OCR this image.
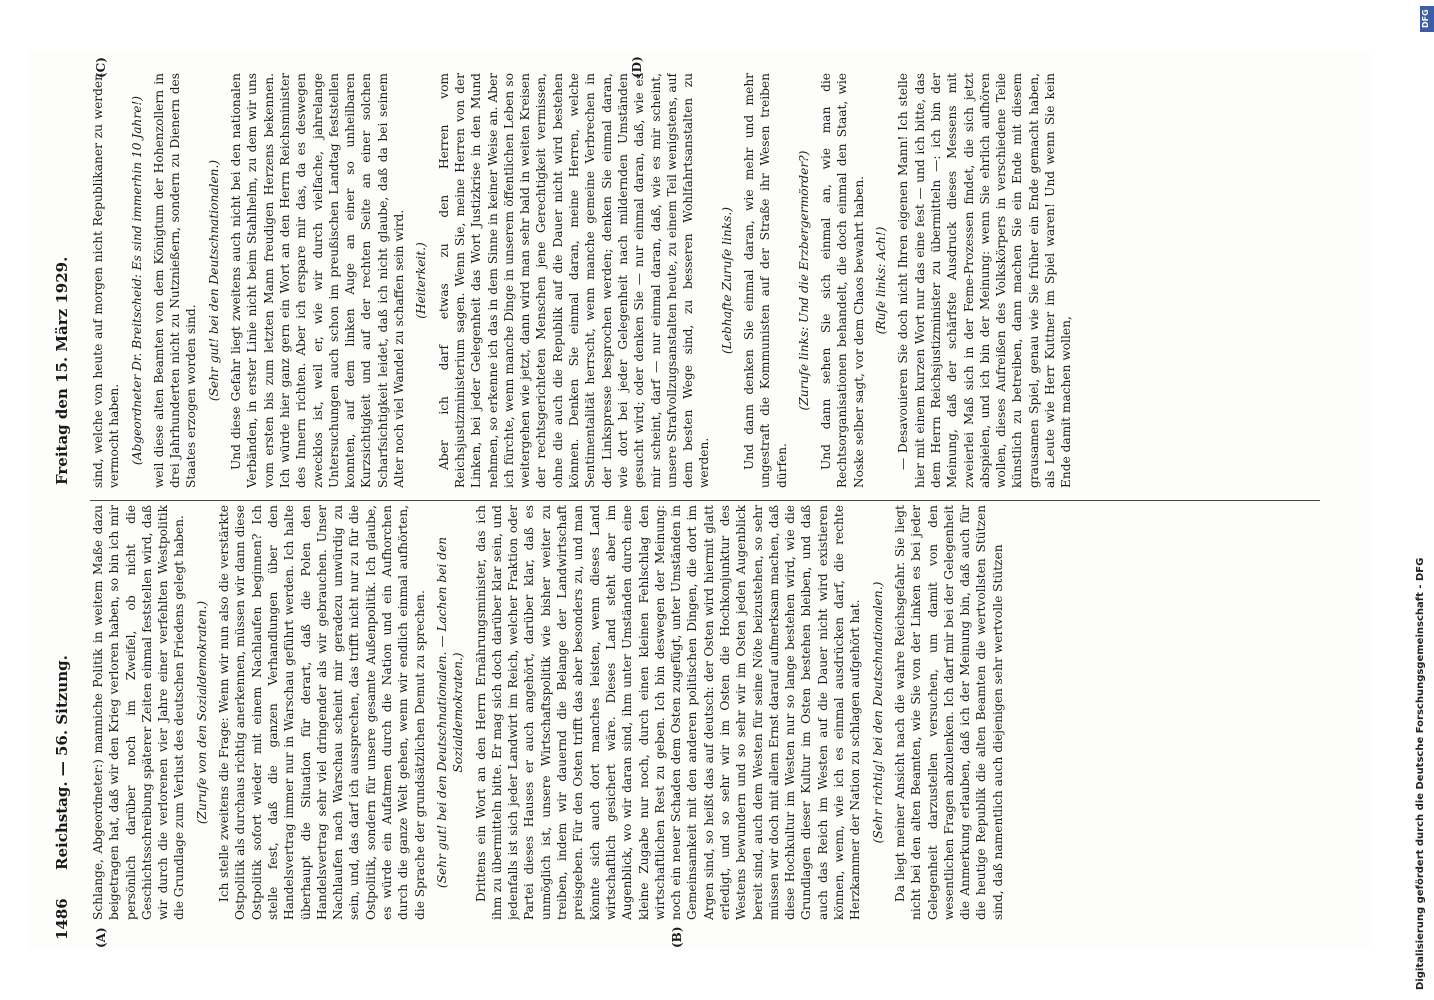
1486
Reichstag. — 56. Sitzung.
Freitag den 15. März 1929.
(A)	(B)
(C)	(D)

Schlange, Abgeordneter:) manniche Politik in weitem Maße dazu beigetragen hat, daß wir den Krieg verloren haben, so bin ich mir persönlich darüber noch im Zweifel, ob nicht die Geschichtsschreibung späterer Zeiten einmal feststellen wird, daß wir durch die verlorenen vier Jahre einer verfehlten Westpolitik die Grundlage zum Verlust des deutschen Friedens gelegt haben. (Zurufe von den Sozialdemokraten.) Ich stelle zweitens die Frage: Wenn wir nun also die verstärkte Ostpolitik als durchaus richtig anerkennen, müssen wir dann diese Ostpolitik sofort wieder mit einem Nachlaufen beginnen? Ich stelle fest, daß die ganzen Verhandlungen über den Handelsvertrag immer nur in Warschau geführt werden. Ich halte überhaupt die Situation für derart, daß die Polen den Handelsvertrag sehr viel dringender als wir gebrauchen. Unser Nachlaufen nach Warschau scheint mir geradezu unwürdig zu sein, und, das darf ich aussprechen, das trifft nicht nur zu für die Ostpolitik, sondern für unsere gesamte Außenpolitik. Ich glaube, es würde ein Aufatmen durch die Nation und ein Aufhorchen durch die ganze Welt gehen, wenn wir endlich einmal aufhörten, die Sprache der grundsätzlichen Demut zu sprechen. (Sehr gut! bei den Deutschnationalen. — Lachen bei den Sozialdemokraten.) Drittens ein Wort an den Herrn Ernährungsminister, das ich ihm zu übermitteln bitte. Er mag sich doch darüber klar sein, und jedenfalls ist sich jeder Landwirt im Reich, welcher Fraktion oder Partei dieses Hauses er auch angehört, darüber klar, daß es unmöglich ist, unsere Wirtschaftspolitik wie bisher weiter zu treiben, indem wir dauernd die Belange der Landwirtschaft preisgeben. Für den Osten trifft das aber besonders zu, und man könnte sich auch dort manches leisten, wenn dieses Land wirtschaftlich gesichert wäre. Dieses Land steht aber im Augenblick, wo wir daran sind, ihm unter Umständen durch eine kleine Zugabe nur noch, durch einen kleinen Fehlschlag den wirtschaftlichen Rest zu geben. Ich bin deswegen der Meinung: noch ein neuer Schaden dem Osten zugefügt, unter Umständen in Gemeinsamkeit mit den anderen politischen Dingen, die dort im Argen sind, so heißt das auf deutsch: der Osten wird hiermit glatt erledigt, und so sehr wir im Osten die Hochkonjunktur des Westens bewundern und so sehr wir im Osten jeden Augenblick bereit sind, auch dem Westen für seine Nöte beizustehen, so sehr müssen wir doch mit allem Ernst darauf aufmerksam machen, daß diese Hochkultur im Westen nur so lange bestehen wird, wie die Grundlagen dieser Kultur im Osten bestehen bleiben, und daß auch das Reich im Westen auf die Dauer nicht wird existieren können, wenn, wie ich es einmal ausdrücken darf, die rechte Herzkammer der Nation zu schlagen aufgehört hat. (Sehr richtig! bei den Deutschnationalen.) Da liegt meiner Ansicht nach die wahre Reichsgefahr. Sie liegt nicht bei den alten Beamten, wie Sie von der Linken es bei jeder Gelegenheit darzustellen versuchen, um damit von den wesentlichen Fragen abzulenken. Ich darf mir bei der Gelegenheit die Anmerkung erlauben, daß ich der Meinung bin, daß auch für die heutige Republik die alten Beamten die wertvollsten Stützen sind, daß namentlich auch diejenigen sehr wertvolle Stützen

sind, welche von heute auf morgen nicht Republikaner zu werden vermocht haben. (Abgeordneter Dr. Breitscheid: Es sind immerhin 10 Jahre!) weil diese alten Beamten von dem Königtum der Hohenzollern in drei Jahrhunderten nicht zu Nutznießern, sondern zu Dienern des Staates erzogen worden sind. (Sehr gut! bei den Deutschnationalen.) Und diese Gefahr liegt zweitens auch nicht bei den nationalen Verbänden, in erster Linie nicht beim Stahlhelm, zu dem wir uns vom ersten bis zum letzten Mann freudigen Herzens bekennen. Ich würde hier ganz gern ein Wort an den Herrn Reichsminister des Innern richten. Aber ich erspare mir das, da es deswegen zwecklos ist, weil er, wie wir durch vielfache, jahrelange Untersuchungen auch schon im preußischen Landtag feststellen konnten, auf dem linken Auge an einer so unheilbaren Kurzsichtigkeit und auf der rechten Seite an einer solchen Scharfsichtigkeit leidet, daß ich nicht glaube, daß da bei seinem Alter noch viel Wandel zu schaffen sein wird. (Heiterkeit.) Aber ich darf etwas zu den Herren vom Reichsjustizministerium sagen. Wenn Sie, meine Herren von der Linken, bei jeder Gelegenheit das Wort Justizkrise in den Mund nehmen, so erkenne ich das in dem Sinne in keiner Weise an. Aber ich fürchte, wenn manche Dinge in unserem öffentlichen Leben so weitergehen wie jetzt, dann wird man sehr bald in weiten Kreisen der rechtsgerichteten Menschen jene Gerechtigkeit vermissen, ohne die auch die Republik auf die Dauer nicht wird bestehen können. Denken Sie einmal daran, meine Herren, welche Sentimentalität herrscht, wenn manche gemeine Verbrechen in der Linkspresse besprochen werden; denken Sie einmal daran, wie dort bei jeder Gelegenheit nach mildernden Umständen gesucht wird; oder denken Sie — nur einmal daran, daß, wie es mir scheint, darf — nur einmal daran, daß, wie es mir scheint, unsere Strafvollzugsanstalten heute, zu einem Teil wenigstens, auf dem besten Wege sind, zu besseren Wohlfahrtsanstalten zu werden.

(Lebhafte Zurufe links.) Und dann denken Sie einmal daran, wie mehr und mehr ungestraft die Kommunisten auf der Straße ihr Wesen treiben dürfen.

(Zurufe links: Und die Erzbergermörder?) Und dann sehen Sie sich einmal an, wie man die Rechtsorganisationen behandelt, die doch einmal den Staat, wie Noske selber sagt, vor dem Chaos bewahrt haben. (Rufe links: Ach!) — Desavouieren Sie doch nicht Ihren eigenen Mann! Ich stelle hier mit einem kurzen Wort nur das eine fest — und ich bitte, das dem Herrn Reichsjustizminister zu übermitteln —: ich bin der Meinung, daß der schärfste Ausdruck dieses Messens mit zweierlei Maß sich in der Feme-Prozessen findet, die sich jetzt abspielen, und ich bin der Meinung: wenn Sie ehrlich aufhören wollen, dieses Aufreißen des Volkskörpers in verschiedene Teile künstlich zu betreiben, dann machen Sie ein Ende mit diesem grausamen Spiel, genau wie Sie früher ein Ende gemacht haben, als Leute wie Herr Kuttner im Spiel waren! Und wenn Sie kein Ende damit machen wollen,

DFG
Digitalisierung gefördert durch die Deutsche Forschungsgemeinschaft - DFG
